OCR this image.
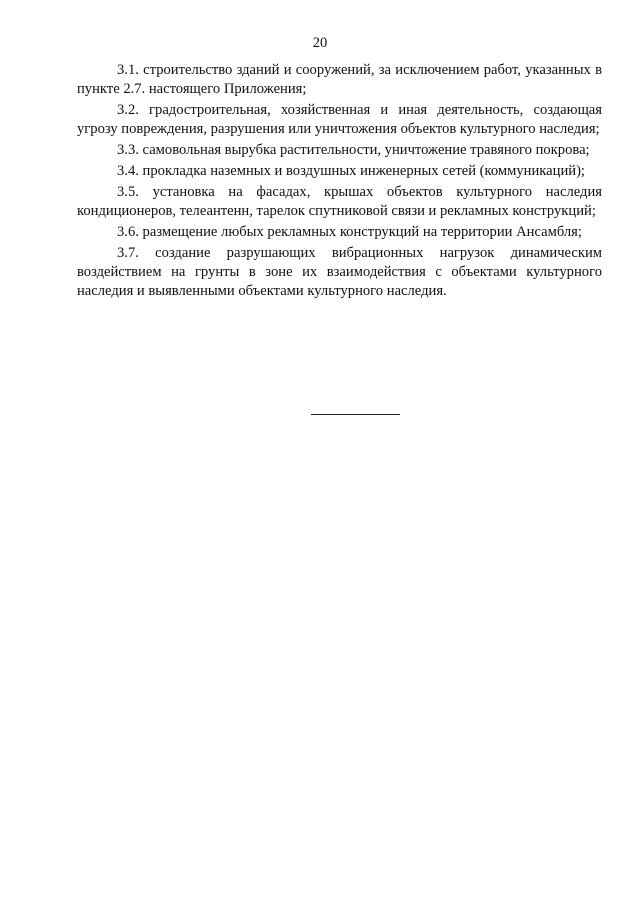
20

3.1. строительство зданий и сооружений, за исключением работ, указанных в пункте 2.7. настоящего Приложения;

3.2. градостроительная, хозяйственная и иная деятельность, создающая угрозу повреждения, разрушения или уничтожения объектов культурного наследия;

3.3. самовольная вырубка растительности, уничтожение травяного покрова;

3.4. прокладка наземных и воздушных инженерных сетей (коммуникаций);

3.5. установка на фасадах, крышах объектов культурного наследия кондиционеров, телеантенн, тарелок спутниковой связи и рекламных конструкций;

3.6. размещение любых рекламных конструкций на территории Ансамбля;

3.7. создание разрушающих вибрационных нагрузок динамическим воздействием на грунты в зоне их взаимодействия с объектами культурного наследия и выявленными объектами культурного наследия.
